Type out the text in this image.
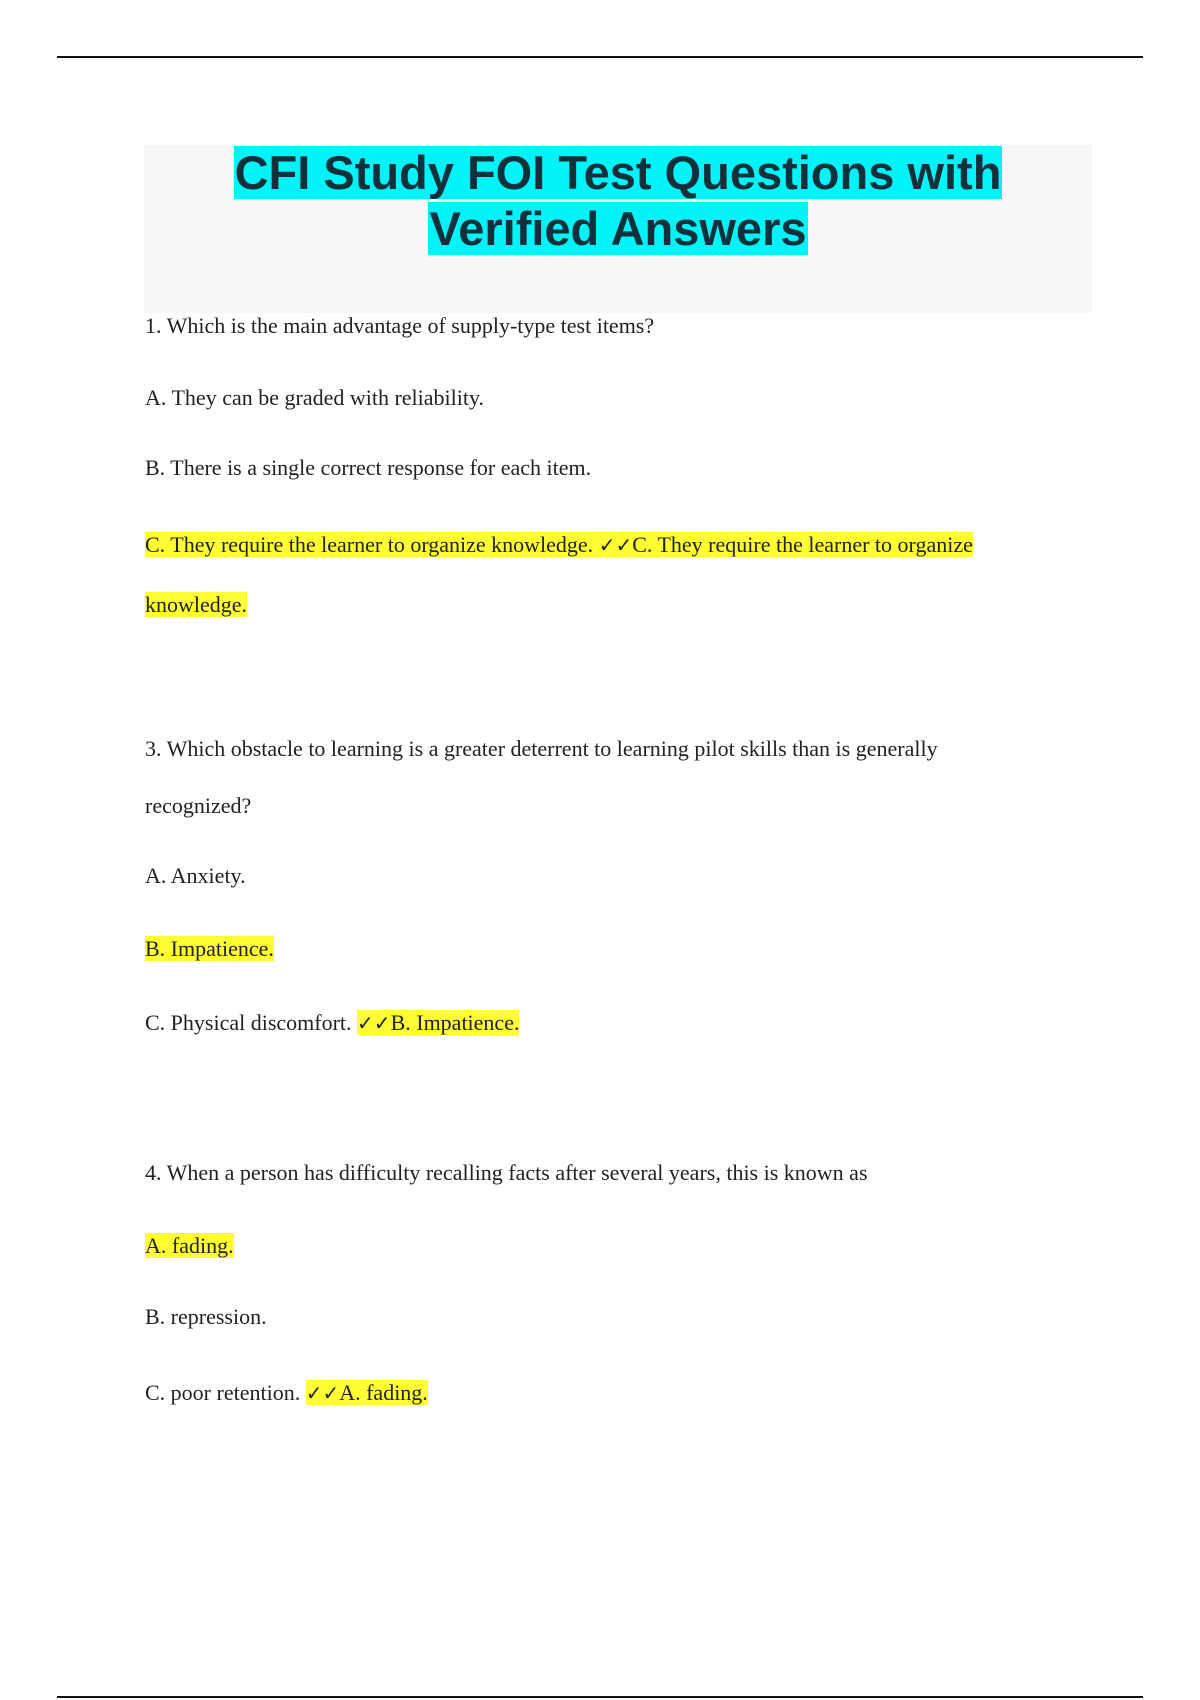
CFI Study FOI Test Questions with
Verified Answers

1. Which is the main advantage of supply-type test items?

A. They can be graded with reliability.

B. There is a single correct response for each item.

C. They require the learner to organize knowledge. ✓✓C. They require the learner to organize

knowledge.

3. Which obstacle to learning is a greater deterrent to learning pilot skills than is generally

recognized?

A. Anxiety.

B. Impatience.

C. Physical discomfort. ✓✓B. Impatience.

4. When a person has difficulty recalling facts after several years, this is known as

A. fading.

B. repression.

C. poor retention. ✓✓A. fading.
